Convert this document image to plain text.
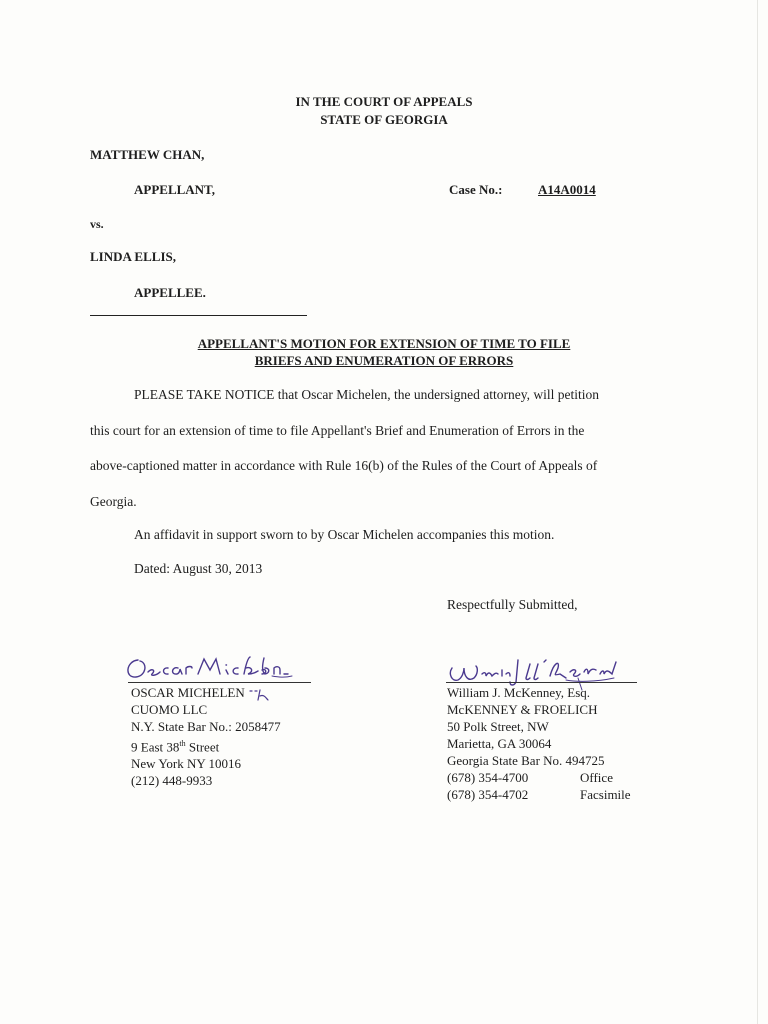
IN THE COURT OF APPEALS
STATE OF GEORGIA
MATTHEW CHAN,
APPELLANT,	Case No.:	A14A0014
vs.
LINDA ELLIS,
APPELLEE.
APPELLANT'S MOTION FOR EXTENSION OF TIME TO FILE
BRIEFS AND ENUMERATION OF ERRORS
PLEASE TAKE NOTICE that Oscar Michelen, the undersigned attorney, will petition
this court for an extension of time to file Appellant's Brief and Enumeration of Errors in the
above-captioned matter in accordance with Rule 16(b) of the Rules of the Court of Appeals of
Georgia.
An affidavit in support sworn to by Oscar Michelen accompanies this motion.
Dated: August 30, 2013
Respectfully Submitted,
OSCAR MICHELEN
CUOMO LLC
N.Y. State Bar No.: 2058477
9 East 38th Street
New York NY 10016
(212) 448-9933
William J. McKenney, Esq.
McKENNEY & FROELICH
50 Polk Street, NW
Marietta, GA 30064
Georgia State Bar No. 494725
(678) 354-4700	Office
(678) 354-4702	Facsimile
